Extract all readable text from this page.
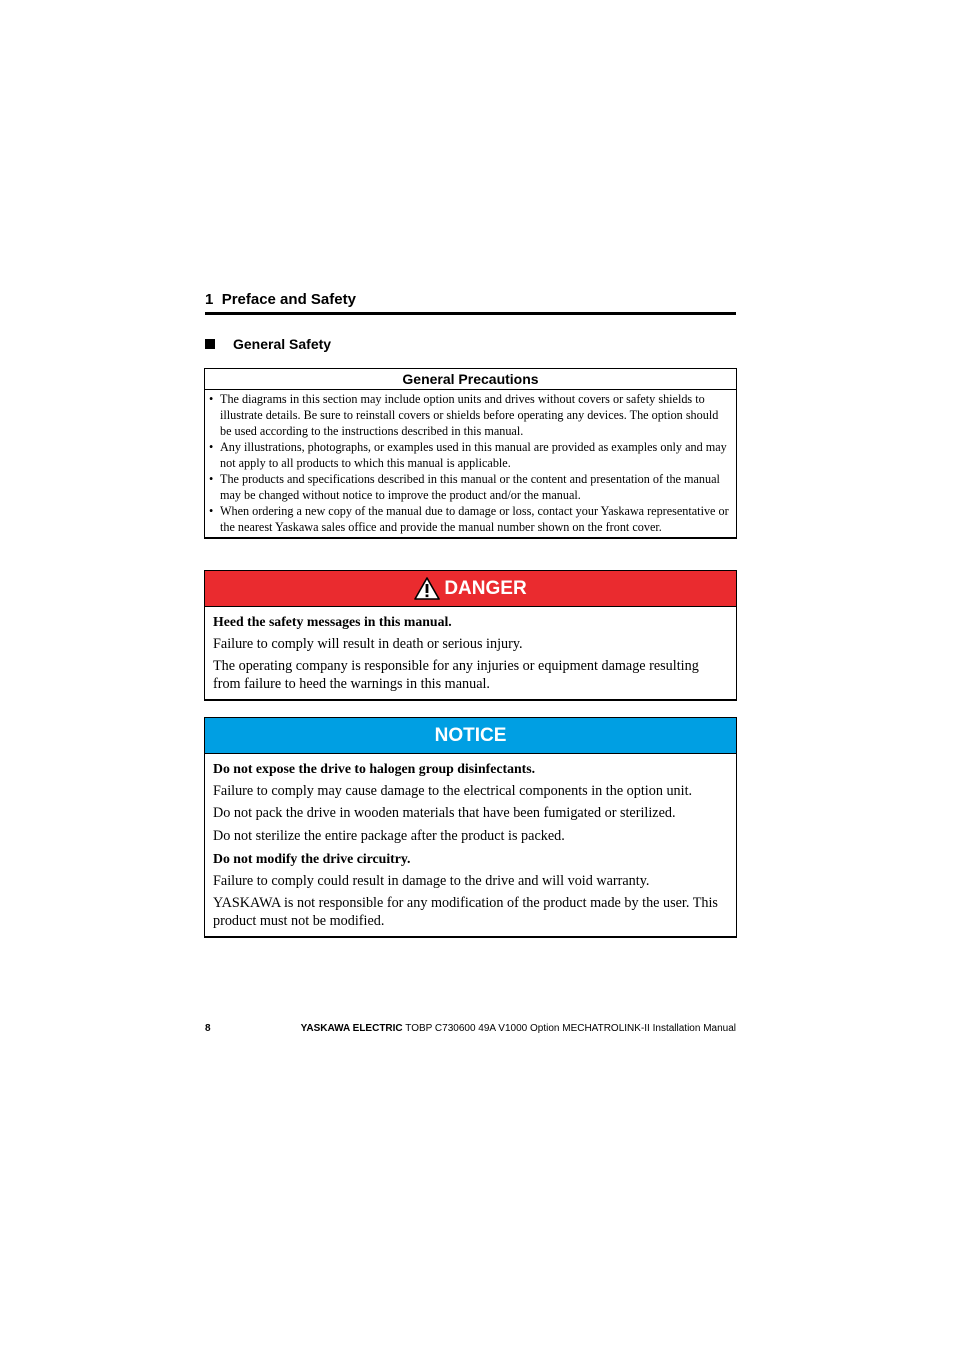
1 Preface and Safety
General Safety
General Precautions
• The diagrams in this section may include option units and drives without covers or safety shields to illustrate details. Be sure to reinstall covers or shields before operating any devices. The option should be used according to the instructions described in this manual.
• Any illustrations, photographs, or examples used in this manual are provided as examples only and may not apply to all products to which this manual is applicable.
• The products and specifications described in this manual or the content and presentation of the manual may be changed without notice to improve the product and/or the manual.
• When ordering a new copy of the manual due to damage or loss, contact your Yaskawa representative or the nearest Yaskawa sales office and provide the manual number shown on the front cover.
DANGER

Heed the safety messages in this manual.

Failure to comply will result in death or serious injury.

The operating company is responsible for any injuries or equipment damage resulting from failure to heed the warnings in this manual.

NOTICE

Do not expose the drive to halogen group disinfectants.

Failure to comply may cause damage to the electrical components in the option unit.

Do not pack the drive in wooden materials that have been fumigated or sterilized.

Do not sterilize the entire package after the product is packed.

Do not modify the drive circuitry.

Failure to comply could result in damage to the drive and will void warranty.

YASKAWA is not responsible for any modification of the product made by the user. This product must not be modified.

8	YASKAWA ELECTRIC TOBP C730600 49A V1000 Option MECHATROLINK-II Installation Manual
